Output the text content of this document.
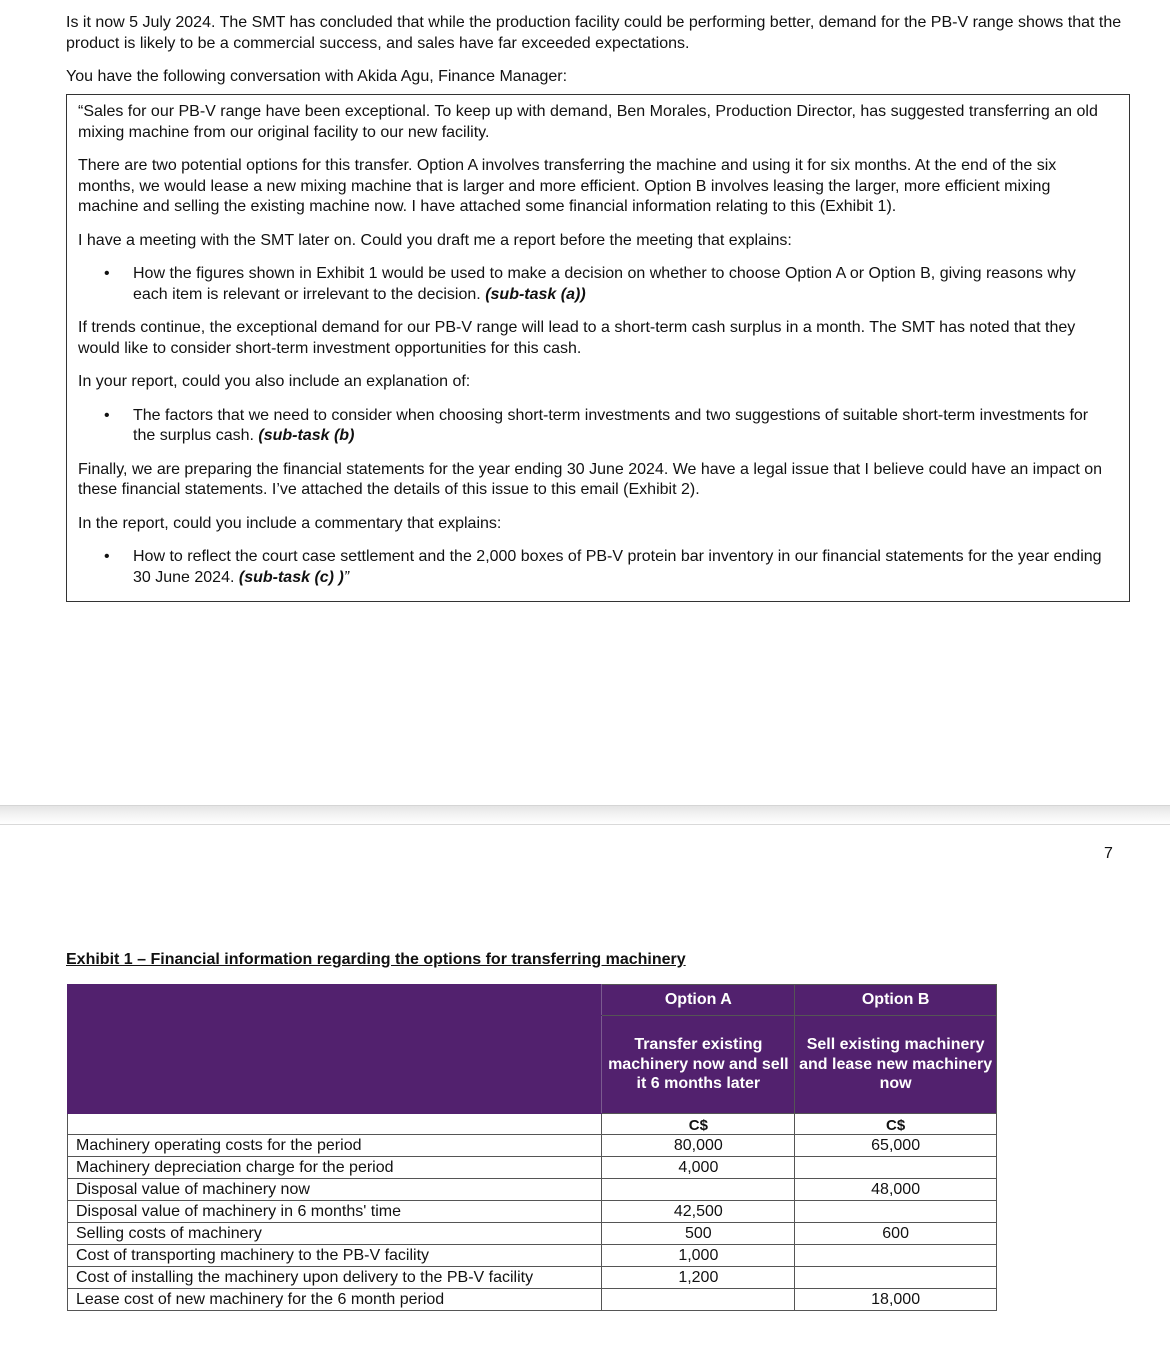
Is it now 5 July 2024. The SMT has concluded that while the production facility could be performing better, demand for the PB-V range shows that the product is likely to be a commercial success, and sales have far exceeded expectations.

You have the following conversation with Akida Agu, Finance Manager:

“Sales for our PB-V range have been exceptional. To keep up with demand, Ben Morales, Production Director, has suggested transferring an old mixing machine from our original facility to our new facility.

There are two potential options for this transfer. Option A involves transferring the machine and using it for six months. At the end of the six months, we would lease a new mixing machine that is larger and more efficient. Option B involves leasing the larger, more efficient mixing machine and selling the existing machine now. I have attached some financial information relating to this (Exhibit 1).

I have a meeting with the SMT later on. Could you draft me a report before the meeting that explains:

• How the figures shown in Exhibit 1 would be used to make a decision on whether to choose Option A or Option B, giving reasons why each item is relevant or irrelevant to the decision. (sub-task (a))

If trends continue, the exceptional demand for our PB-V range will lead to a short-term cash surplus in a month. The SMT has noted that they would like to consider short-term investment opportunities for this cash.

In your report, could you also include an explanation of:

• The factors that we need to consider when choosing short-term investments and two suggestions of suitable short-term investments for the surplus cash. (sub-task (b)

Finally, we are preparing the financial statements for the year ending 30 June 2024. We have a legal issue that I believe could have an impact on these financial statements. I’ve attached the details of this issue to this email (Exhibit 2).

In the report, could you include a commentary that explains:

• How to reflect the court case settlement and the 2,000 boxes of PB-V protein bar inventory in our financial statements for the year ending 30 June 2024. (sub-task (c) )”
7
Exhibit 1 – Financial information regarding the options for transferring machinery
	Option A	Option B
	Transfer existing machinery now and sell it 6 months later	Sell existing machinery and lease new machinery now
	C$	C$
Machinery operating costs for the period	80,000	65,000
Machinery depreciation charge for the period	4,000	
Disposal value of machinery now		48,000
Disposal value of machinery in 6 months' time	42,500	
Selling costs of machinery	500	600
Cost of transporting machinery to the PB-V facility	1,000	
Cost of installing the machinery upon delivery to the PB-V facility	1,200	
Lease cost of new machinery for the 6 month period		18,000
